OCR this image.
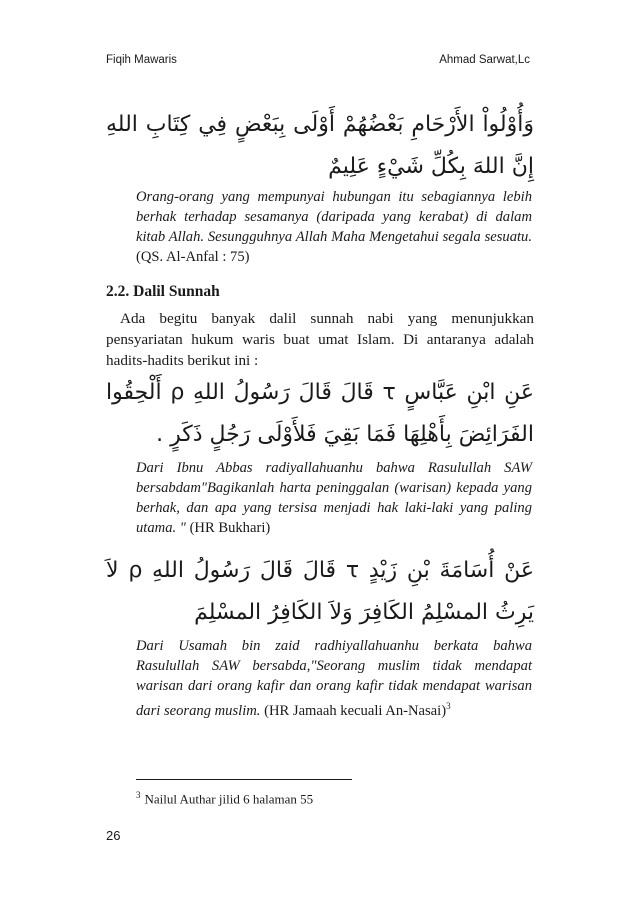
Fiqih Mawaris	Ahmad Sarwat,Lc
وَأُوْلُواْ الأَرْحَامِ بَعْضُهُمْ أَوْلَى بِبَعْضٍ فِي كِتَابِ اللهِ إِنَّ اللهَ بِكُلِّ شَيْءٍ عَلِيمٌ
Orang-orang yang mempunyai hubungan itu sebagiannya lebih berhak terhadap sesamanya (daripada yang kerabat) di dalam kitab Allah. Sesungguhnya Allah Maha Mengetahui segala sesuatu. (QS. Al-Anfal : 75)
2.2. Dalil Sunnah
Ada begitu banyak dalil sunnah nabi yang menunjukkan pensyariatan hukum waris buat umat Islam. Di antaranya adalah hadits-hadits berikut ini :
عَنِ ابْنِ عَبَّاسٍ τ قَالَ قَالَ رَسُولُ اللهِ ρ أَلْحِقُوا الفَرَائِضَ بِأَهْلِهَا فَمَا بَقِيَ فَلأَوْلَى رَجُلٍ ذَكَرٍ .
Dari Ibnu Abbas radiyallahuanhu bahwa Rasulullah SAW bersabdam"Bagikanlah harta peninggalan (warisan) kepada yang berhak, dan apa yang tersisa menjadi hak laki-laki yang paling utama. " (HR Bukhari)
عَنْ أُسَامَةَ بْنِ زَيْدٍ τ قَالَ قَالَ رَسُولُ اللهِ ρ لاَ يَرِثُ المسْلِمُ الكَافِرَ وَلاَ الكَافِرُ المسْلِمَ
Dari Usamah bin zaid radhiyallahuanhu berkata bahwa Rasulullah SAW bersabda,"Seorang muslim tidak mendapat warisan dari orang kafir dan orang kafir tidak mendapat warisan dari seorang muslim. (HR Jamaah kecuali An-Nasai)$^3$
$^3$ Nailul Authar jilid 6 halaman 55
26
